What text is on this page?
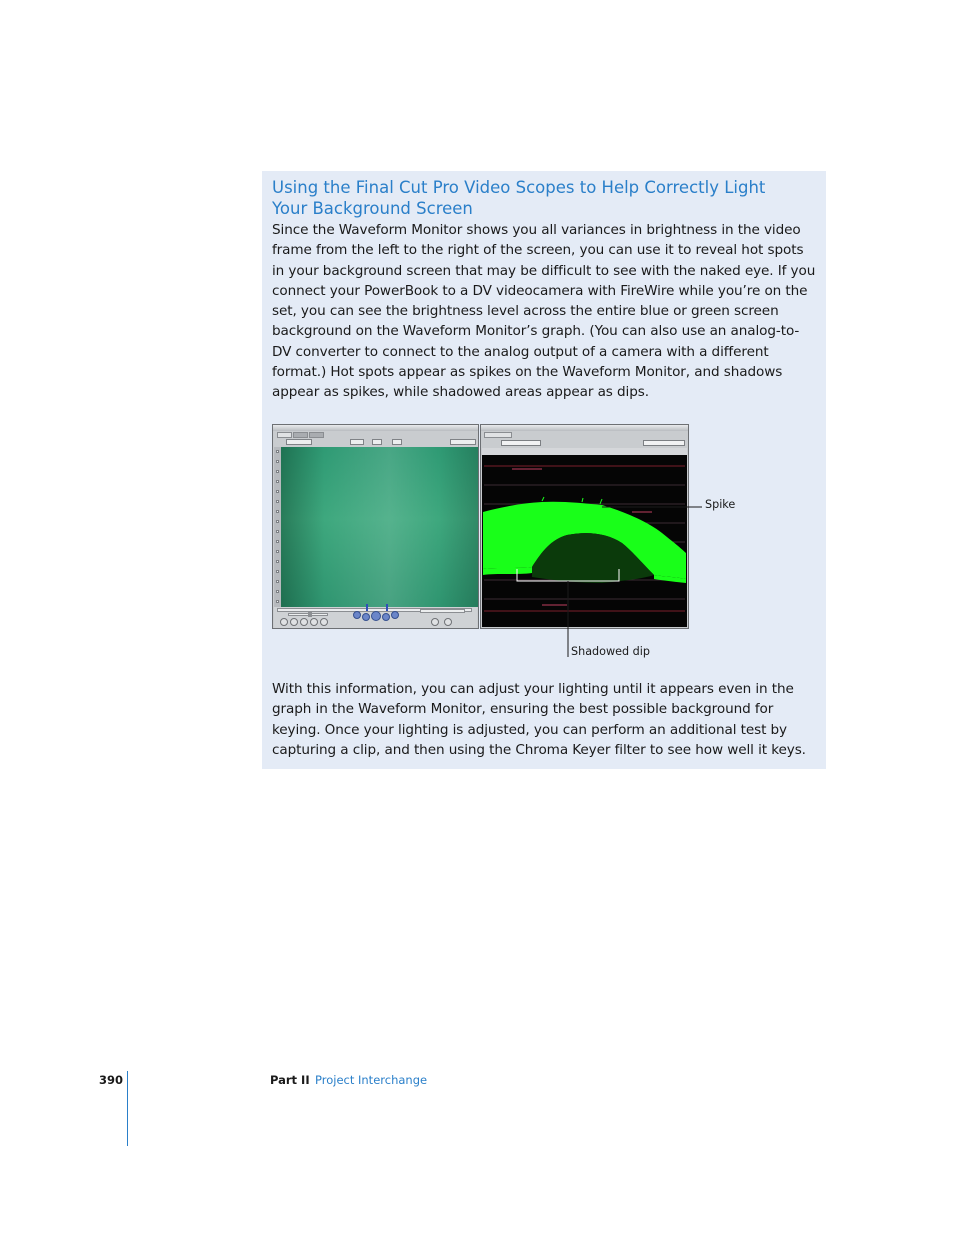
Using the Final Cut Pro Video Scopes to Help Correctly Light Your Background Screen

Since the Waveform Monitor shows you all variances in brightness in the video frame from the left to the right of the screen, you can use it to reveal hot spots in your background screen that may be difficult to see with the naked eye. If you connect your PowerBook to a DV videocamera with FireWire while you’re on the set, you can see the brightness level across the entire blue or green screen background on the Waveform Monitor’s graph. (You can also use an analog-to-DV converter to connect to the analog output of a camera with a different format.) Hot spots appear as spikes on the Waveform Monitor, and shadows appear as spikes, while shadowed areas appear as dips.

Spike

Shadowed dip

With this information, you can adjust your lighting until it appears even in the graph in the Waveform Monitor, ensuring the best possible background for keying. Once your lighting is adjusted, you can perform an additional test by capturing a clip, and then using the Chroma Keyer filter to see how well it keys.

390	Part II Project Interchange
